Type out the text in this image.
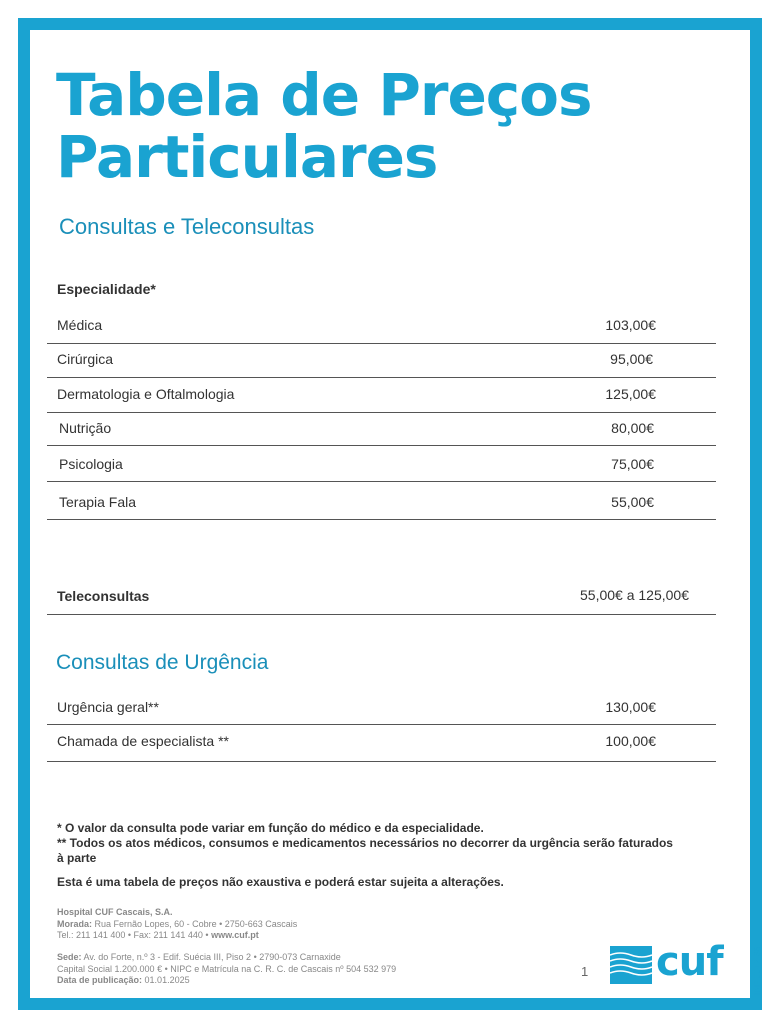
Tabela de Preços
Particulares
Consultas e Teleconsultas
Especialidade*
Médica	103,00€
Cirúrgica	95,00€
Dermatologia e Oftalmologia	125,00€
Nutrição	80,00€
Psicologia	75,00€
Terapia Fala	55,00€
Teleconsultas	55,00€ a 125,00€
Consultas de Urgência
Urgência geral**	130,00€
Chamada de especialista **	100,00€

* O valor da consulta pode variar em função do médico e da especialidade.

** Todos os atos médicos, consumos e medicamentos necessários no decorrer da urgência serão faturados à parte

Esta é uma tabela de preços não exaustiva e poderá estar sujeita a alterações.

Hospital CUF Cascais, S.A.
Morada: Rua Fernão Lopes, 60 - Cobre • 2750-663 Cascais
Tel.: 211 141 400 • Fax: 211 141 440 • www.cuf.pt
Sede: Av. do Forte, n.º 3 - Edif. Suécia III, Piso 2 • 2790-073 Carnaxide
Capital Social 1.200.000 € • NIPC e Matrícula na C. R. C. de Cascais nº 504 532 979
Data de publicação: 01.01.2025
1 cuf	INF.0012.38
